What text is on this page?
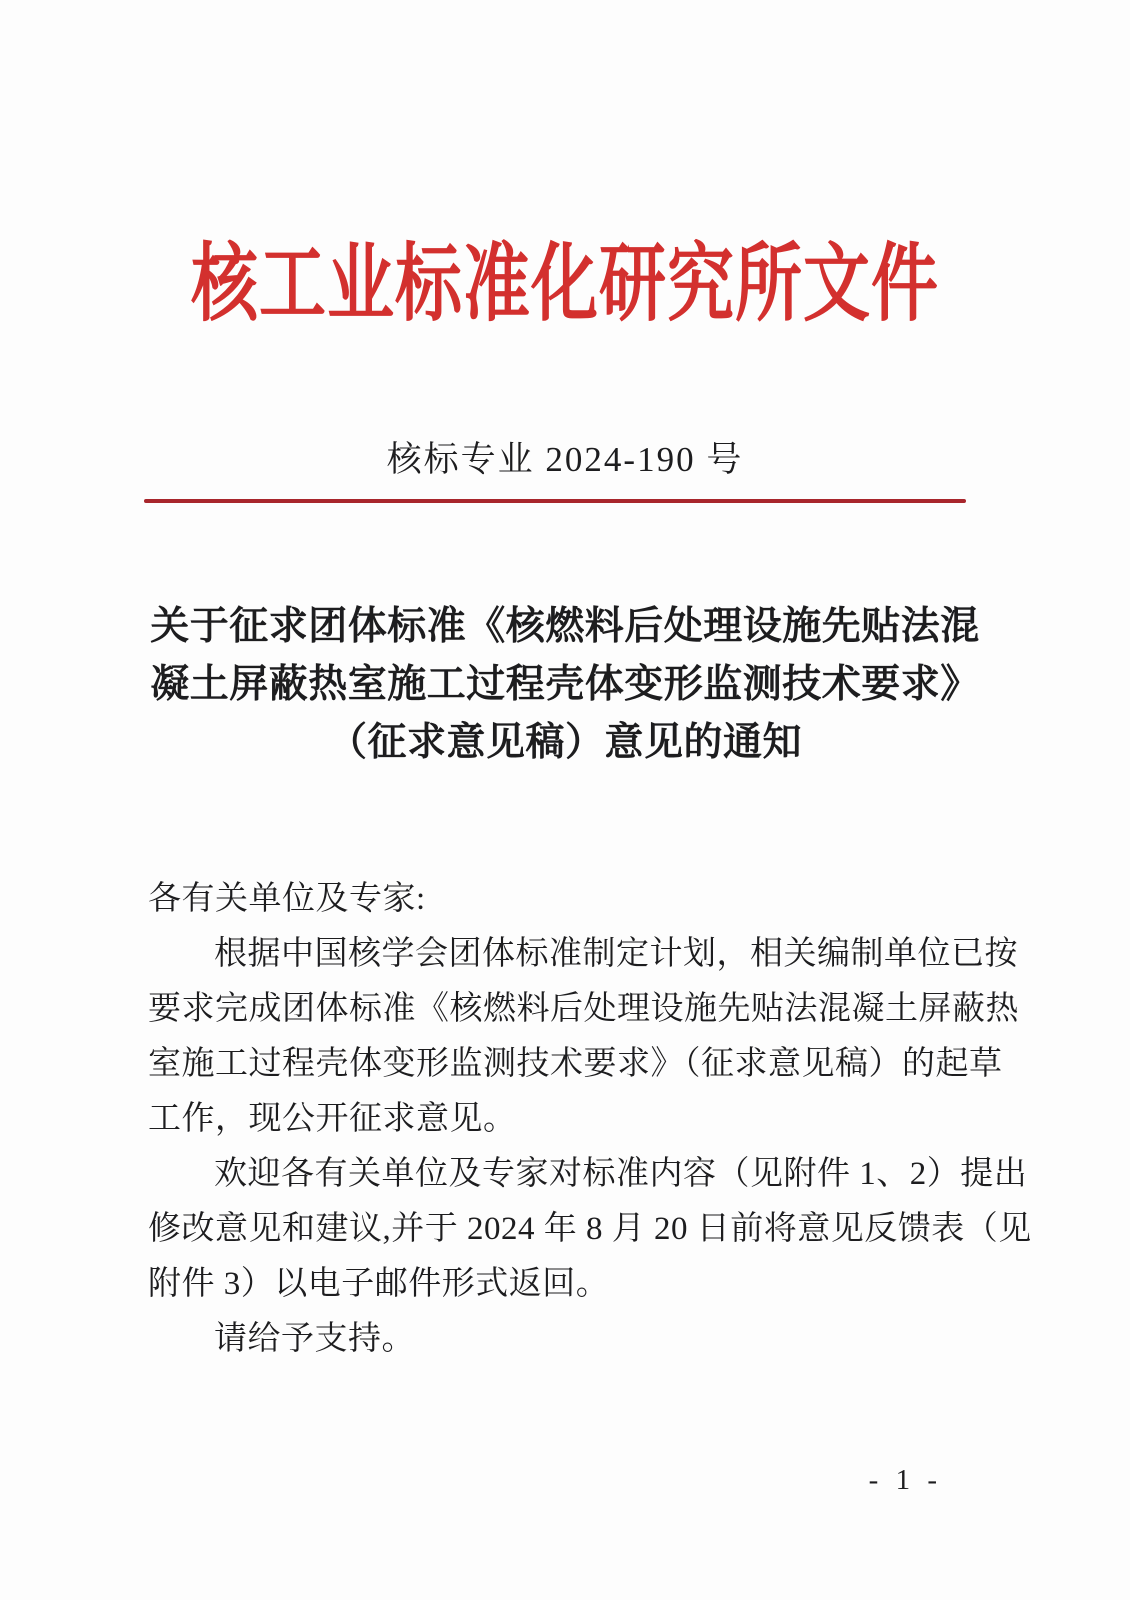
核工业标准化研究所文件
核标专业 2024-190 号
关于征求团体标准《核燃料后处理设施先贴法混
凝土屏蔽热室施工过程壳体变形监测技术要求》
（征求意见稿）意见的通知
各有关单位及专家:
根据中国核学会团体标准制定计划，相关编制单位已按
要求完成团体标准《核燃料后处理设施先贴法混凝土屏蔽热
室施工过程壳体变形监测技术要求》（征求意见稿）的起草
工作，现公开征求意见。
欢迎各有关单位及专家对标准内容（见附件 1、2）提出
修改意见和建议,并于 2024 年 8 月 20 日前将意见反馈表（见
附件 3）以电子邮件形式返回。
请给予支持。
- 1 -
